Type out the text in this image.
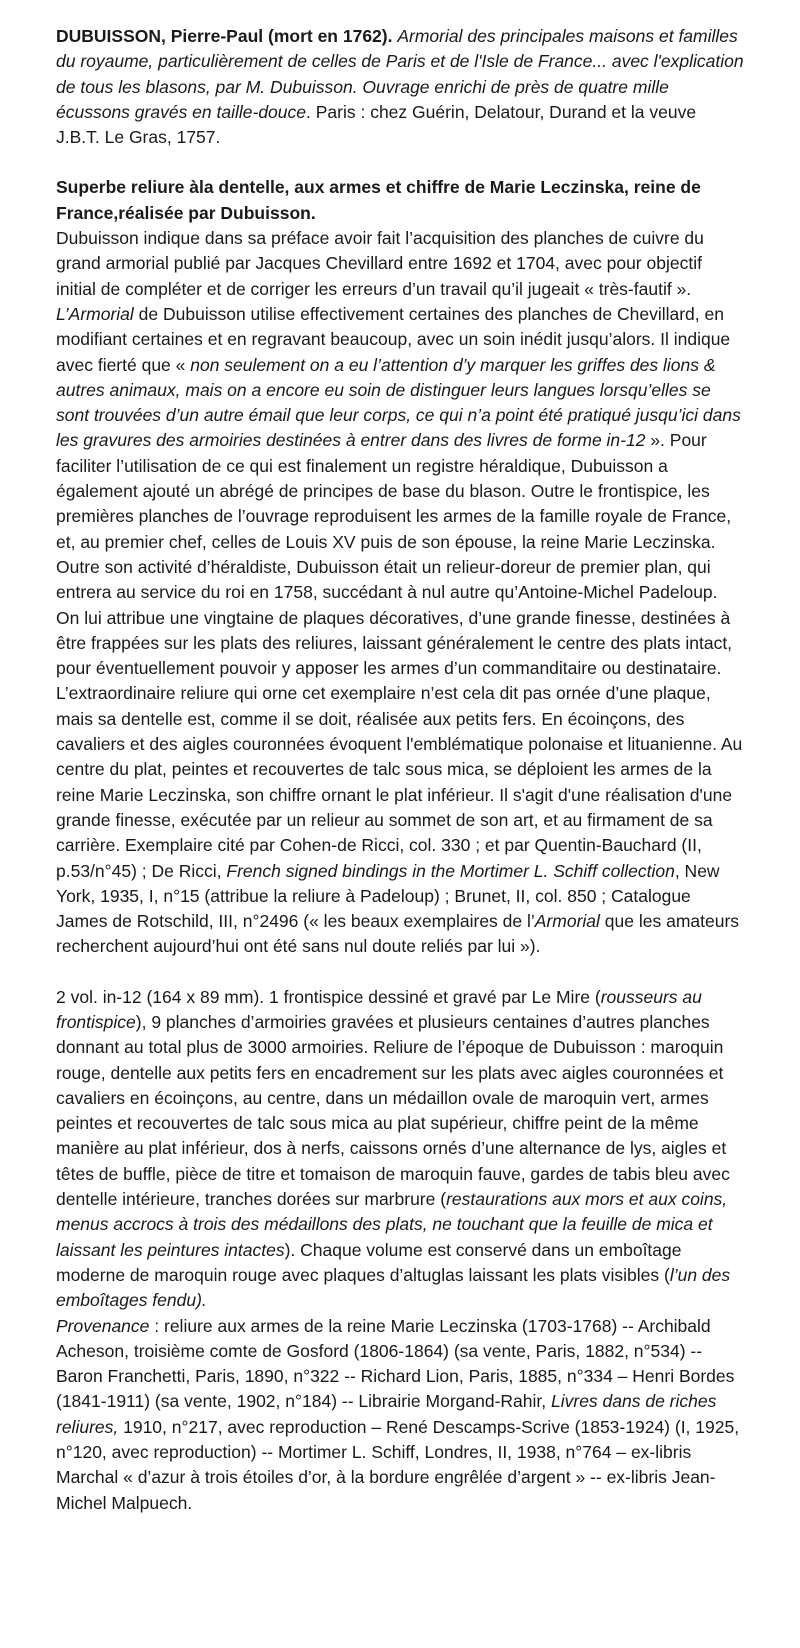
DUBUISSON, Pierre-Paul (mort en 1762). Armorial des principales maisons et familles du royaume, particulièrement de celles de Paris et de l'Isle de France... avec l'explication de tous les blasons, par M. Dubuisson. Ouvrage enrichi de près de quatre mille écussons gravés en taille-douce. Paris : chez Guérin, Delatour, Durand et la veuve J.B.T. Le Gras, 1757.

Superbe reliure àla dentelle, aux armes et chiffre de Marie Leczinska, reine de France,réalisée par Dubuisson.

Dubuisson indique dans sa préface avoir fait l’acquisition des planches de cuivre du grand armorial publié par Jacques Chevillard entre 1692 et 1704, avec pour objectif initial de compléter et de corriger les erreurs d’un travail qu’il jugeait « très-fautif ». L’Armorial de Dubuisson utilise effectivement certaines des planches de Chevillard, en modifiant certaines et en regravant beaucoup, avec un soin inédit jusqu’alors. Il indique avec fierté que « non seulement on a eu l’attention d’y marquer les griffes des lions & autres animaux, mais on a encore eu soin de distinguer leurs langues lorsqu’elles se sont trouvées d’un autre émail que leur corps, ce qui n’a point été pratiqué jusqu’ici dans les gravures des armoiries destinées à entrer dans des livres de forme in-12 ». Pour faciliter l’utilisation de ce qui est finalement un registre héraldique, Dubuisson a également ajouté un abrégé de principes de base du blason. Outre le frontispice, les premières planches de l’ouvrage reproduisent les armes de la famille royale de France, et, au premier chef, celles de Louis XV puis de son épouse, la reine Marie Leczinska.

Outre son activité d’héraldiste, Dubuisson était un relieur-doreur de premier plan, qui entrera au service du roi en 1758, succédant à nul autre qu’Antoine-Michel Padeloup. On lui attribue une vingtaine de plaques décoratives, d’une grande finesse, destinées à être frappées sur les plats des reliures, laissant généralement le centre des plats intact, pour éventuellement pouvoir y apposer les armes d’un commanditaire ou destinataire.

L’extraordinaire reliure qui orne cet exemplaire n’est cela dit pas ornée d’une plaque, mais sa dentelle est, comme il se doit, réalisée aux petits fers. En écoinçons, des cavaliers et des aigles couronnées évoquent l'emblématique polonaise et lituanienne. Au centre du plat, peintes et recouvertes de talc sous mica, se déploient les armes de la reine Marie Leczinska, son chiffre ornant le plat inférieur. Il s'agit d'une réalisation d'une grande finesse, exécutée par un relieur au sommet de son art, et au firmament de sa carrière. Exemplaire cité par Cohen-de Ricci, col. 330 ; et par Quentin-Bauchard (II, p.53/n°45) ; De Ricci, French signed bindings in the Mortimer L. Schiff collection, New York, 1935, I, n°15 (attribue la reliure à Padeloup) ; Brunet, II, col. 850 ; Catalogue James de Rotschild, III, n°2496 (« les beaux exemplaires de l’Armorial que les amateurs recherchent aujourd’hui ont été sans nul doute reliés par lui »).

2 vol. in-12 (164 x 89 mm). 1 frontispice dessiné et gravé par Le Mire (rousseurs au frontispice), 9 planches d’armoiries gravées et plusieurs centaines d’autres planches donnant au total plus de 3000 armoiries. Reliure de l’époque de Dubuisson : maroquin rouge, dentelle aux petits fers en encadrement sur les plats avec aigles couronnées et cavaliers en écoinçons, au centre, dans un médaillon ovale de maroquin vert, armes peintes et recouvertes de talc sous mica au plat supérieur, chiffre peint de la même manière au plat inférieur, dos à nerfs, caissons ornés d’une alternance de lys, aigles et têtes de buffle, pièce de titre et tomaison de maroquin fauve, gardes de tabis bleu avec dentelle intérieure, tranches dorées sur marbrure (restaurations aux mors et aux coins, menus accrocs à trois des médaillons des plats, ne touchant que la feuille de mica et laissant les peintures intactes). Chaque volume est conservé dans un emboîtage moderne de maroquin rouge avec plaques d’altuglas laissant les plats visibles (l’un des emboîtages fendu).

Provenance : reliure aux armes de la reine Marie Leczinska (1703-1768) -- Archibald Acheson, troisième comte de Gosford (1806-1864) (sa vente, Paris, 1882, n°534) -- Baron Franchetti, Paris, 1890, n°322 -- Richard Lion, Paris, 1885, n°334 – Henri Bordes (1841-1911) (sa vente, 1902, n°184) -- Librairie Morgand-Rahir, Livres dans de riches reliures, 1910, n°217, avec reproduction – René Descamps-Scrive (1853-1924) (I, 1925, n°120, avec reproduction) -- Mortimer L. Schiff, Londres, II, 1938, n°764 – ex-libris Marchal « d’azur à trois étoiles d’or, à la bordure engrêlée d’argent » -- ex-libris Jean-Michel Malpuech.
